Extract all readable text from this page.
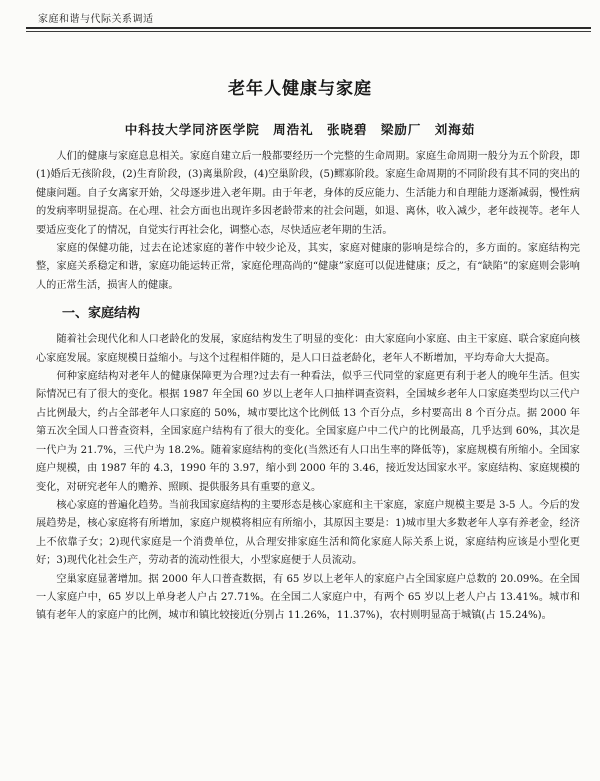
家庭和谐与代际关系调适
老年人健康与家庭
中科技大学同济医学院 周浩礼 张晓碧 梁励厂 刘海茹

人们的健康与家庭息息相关。家庭自建立后一般都要经历一个完整的生命周期。家庭生命周期一般分为五个阶段，即(1)婚后无孩阶段，(2)生育阶段，(3)离巢阶段，(4)空巢阶段，(5)鳏寡阶段。家庭生命周期的不同阶段有其不同的突出的健康问题。自子女离家开始，父母逐步进入老年期。由于年老，身体的反应能力、生活能力和自理能力逐渐减弱，慢性病的发病率明显提高。在心理、社会方面也出现许多因老龄带来的社会问题，如退、离休，收入减少，老年歧视等。老年人要适应变化了的情况，自觉实行再社会化，调整心态，尽快适应老年期的生活。

家庭的保健功能，过去在论述家庭的著作中较少论及，其实，家庭对健康的影响是综合的，多方面的。家庭结构完整，家庭关系稳定和谐，家庭功能运转正常，家庭伦理高尚的“健康”家庭可以促进健康；反之，有“缺陷”的家庭则会影响人的正常生活，损害人的健康。

一、家庭结构

随着社会现代化和人口老龄化的发展，家庭结构发生了明显的变化：由大家庭向小家庭、由主干家庭、联合家庭向核心家庭发展。家庭规模日益缩小。与这个过程相伴随的，是人口日益老龄化，老年人不断增加，平均寿命大大提高。

何种家庭结构对老年人的健康保障更为合理?过去有一种看法，似乎三代同堂的家庭更有利于老人的晚年生活。但实际情况已有了很大的变化。根据 1987 年全国 60 岁以上老年人口抽样调查资料，全国城乡老年人口家庭类型均以三代户占比例最大，约占全部老年人口家庭的 50%，城市要比这个比例低 13 个百分点，乡村要高出 8 个百分点。据 2000 年第五次全国人口普查资料，全国家庭户结构有了很大的变化。全国家庭户中二代户的比例最高，几乎达到 60%，其次是一代户为 21.7%，三代户为 18.2%。随着家庭结构的变化(当然还有人口出生率的降低等)，家庭规模有所缩小。全国家庭户规模，由 1987 年的 4.3，1990 年的 3.97，缩小到 2000 年的 3.46，接近发达国家水平。家庭结构、家庭规模的变化，对研究老年人的赡养、照顾、提供服务具有重要的意义。

核心家庭的普遍化趋势。当前我国家庭结构的主要形态是核心家庭和主干家庭，家庭户规模主要是 3-5 人。今后的发展趋势是，核心家庭将有所增加，家庭户规模将相应有所缩小，其原因主要是：1)城市里大多数老年人享有养老金，经济上不依靠子女；2)现代家庭是一个消费单位，从合理安排家庭生活和简化家庭人际关系上说，家庭结构应该是小型化更好；3)现代化社会生产，劳动者的流动性很大，小型家庭便于人员流动。

空巢家庭显著增加。据 2000 年人口普查数据，有 65 岁以上老年人的家庭户占全国家庭户总数的 20.09%。在全国一人家庭户中，65 岁以上单身老人户占 27.71%。在全国二人家庭户中，有两个 65 岁以上老人户占 13.41%。城市和镇有老年人的家庭户的比例，城市和镇比较接近(分别占 11.26%，11.37%)，农村则明显高于城镇(占 15.24%)。
